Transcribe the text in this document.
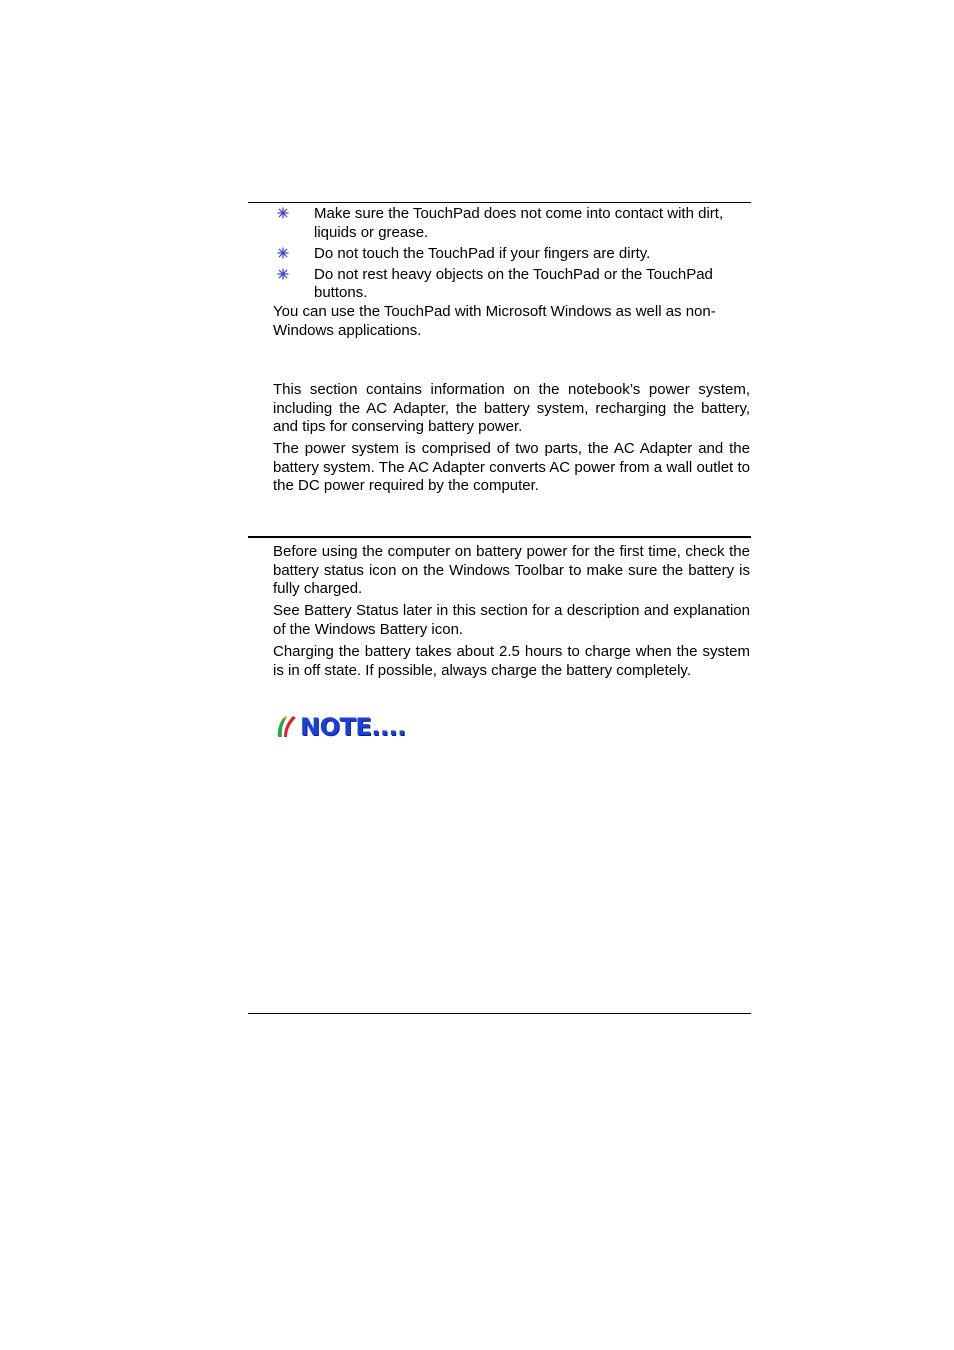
Make sure the TouchPad does not come into contact with dirt, liquids or grease.
Do not touch the TouchPad if your fingers are dirty.
Do not rest heavy objects on the TouchPad or the TouchPad buttons.

You can use the TouchPad with Microsoft Windows as well as non-Windows applications.

This section contains information on the notebook’s power system, including the AC Adapter, the battery system, recharging the battery, and tips for conserving battery power.

The power system is comprised of two parts, the AC Adapter and the battery system. The AC Adapter converts AC power from a wall outlet to the DC power required by the computer.

Before using the computer on battery power for the first time, check the battery status icon on the Windows Toolbar to make sure the battery is fully charged.

See Battery Status later in this section for a description and explanation of the Windows Battery icon.

Charging the battery takes about 2.5 hours to charge when the system is in off state. If possible, always charge the battery completely.

NOTE....
